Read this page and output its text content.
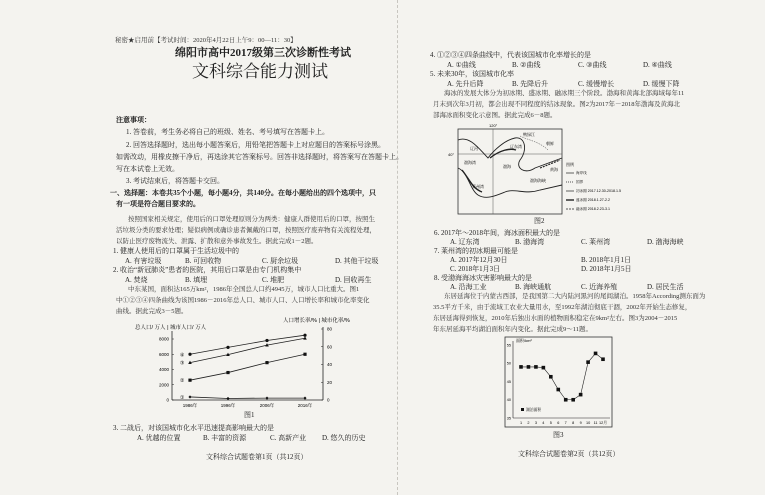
秘密★启用前【考试时间：2020年4月22日上午9：00—11：30】
绵阳市高中2017级第三次诊断性考试
文科综合能力测试
注意事项：
1. 答卷前，考生务必将自己的班级、姓名、考号填写在答题卡上。
2. 回答选择题时，选出每小题答案后，用铅笔把答题卡上对应题目的答案标号涂黑。
如需改动，用橡皮擦干净后，再选涂其它答案标号。回答非选择题时，将答案写在答题卡上。
写在本试卷上无效。
3. 考试结束后，将答题卡交回。
一、选择题：本卷共35个小题，每小题4分，共140分。在每小题给出的四个选项中，只
有一项是符合题目要求的。
按照国家相关规定，使用后的口罩处理原则分为两类：健康人群使用后的口罩，按照生
活垃圾分类的要求处理；疑似病例或确诊患者佩戴的口罩，按照医疗废弃物有关流程处理，
以防止医疗废物流失、泄露、扩散和意外事故发生。据此完成1－2题。
1. 健康人使用后的口罩属于生活垃圾中的
A. 有害垃圾	B. 可回收物	C. 厨余垃圾	D. 其他干垃圾
2. 收治“新冠肺炎”患者的医院，其用后口罩是由专门机构集中
A. 焚烧	B. 填埋	C. 堆肥	D. 回收再生
中东某国，面积达165万km²，1986年全国总人口约4945万，城市人口比重大。图1
中①②③④四条曲线为该国1986－2016年总人口、城市人口、人口增长率和城市化率变化
曲线。据此完成3－5题。
总人口/ 万人 | 城市人口/ 万人
人口增长率/% | 城市化率/%
0
2000
4000
6000
8000
0
20
40
60
80
1986年	1996年	2006年	2016年
④
③
②
①
图1
3. 二战后，对该国城市化水平迅速提高影响最大的是
A. 优越的位置	B. 丰富的资源	C. 高新产业 D. 悠久的历史
文科综合试题卷第1页（共12页）
4. ①②③④四条曲线中，代表该国城市化率增长的是
A. ①曲线	B. ②曲线	C. ③曲线	D. ④曲线
5. 未来30年，该国城市化率
A. 先升后降	B. 先降后升	C. 缓慢增长	D. 缓慢下降
海冰的发展大体分为初冰期、盛冰期、融冰期三个阶段。渤海和黄海北部海域每年11
月末到次年3月初，都会出现不同程度的结冰现象。图2为2017年－2018年渤海及黄海北
部海冰面积变化示意图。据此完成6－8题。
120°
40°
辽河	辽东湾
鸭绿江
渤海
渤海湾
莱州湾
渤海海峡
黄海
朝鲜
图例
海岸线
国界
初冰期 2017.12.30-2018.1.5
盛冰期 2018.1.27-2.2
融冰期 2018.2.23-3.1
图2
6. 2017年～2018年间，海冰面积最大的是
A. 辽东湾	B. 渤海湾	C. 莱州湾	D. 渤海海峡
7. 莱州湾的初冰期最可能是
A. 2017年12月30日	B. 2018年1月1日
C. 2018年1月3日	D. 2018年1月5日
8. 受渤海海冰灾害影响最大的是
A. 沿海工业	B. 海峡通航	C. 近海养殖	D. 居民生活
东居延海位于内蒙古西部，是我国第二大内陆河黑河的尾闾湖泊。1958年According测东面为
35.5平方千米，由于流域工农业大量用水，至1992年湖泊彻底干涸，2002年开始生态修复，
东居延海得到恢复，2010年后独出水面的植物面积稳定在9km²左右。图3为2004－2015
年东居延海平均湖泊面积年内变化。据此完成9～11题。
面积/km²
35
40
45
50
55
1 2 3 4 5 6 7 8 9 10 11 12月
湖泊面积
图3
文科综合试题卷第2页（共12页）
